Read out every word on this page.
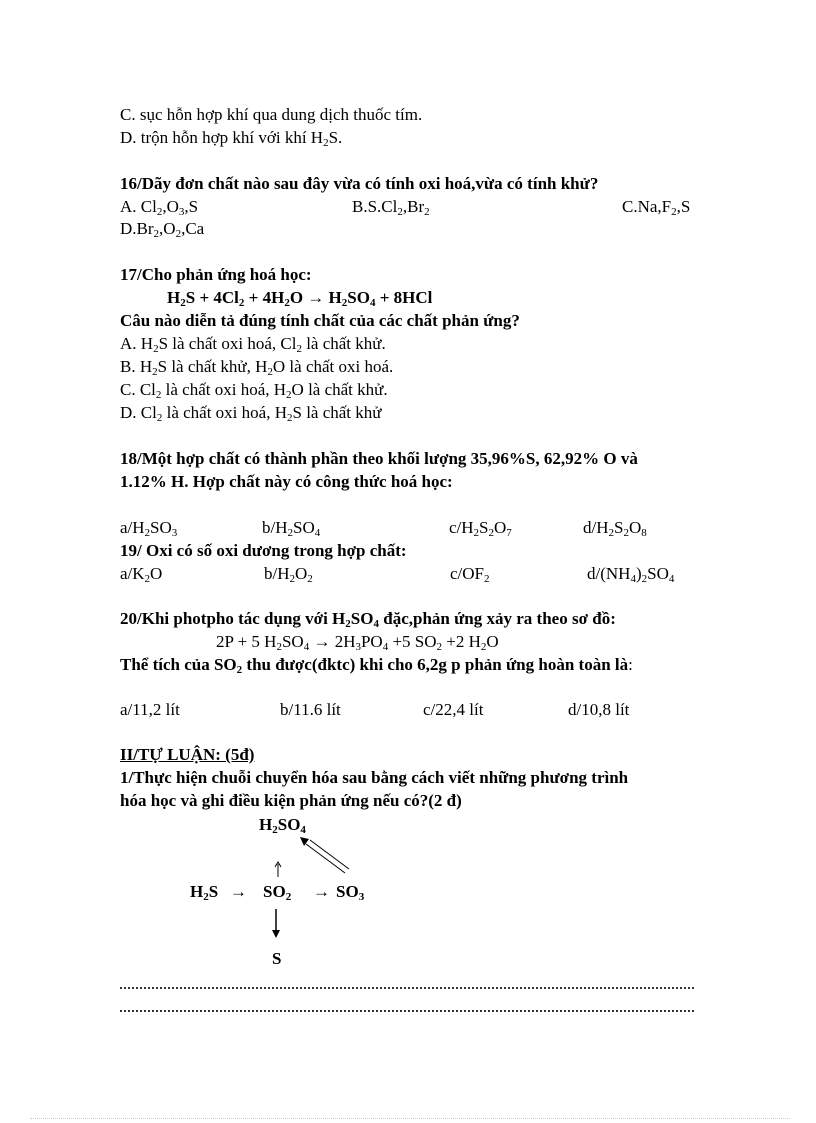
C. sục hỗn hợp khí qua dung dịch thuốc tím.
D. trộn hỗn hợp khí với khí $H_2S$.
16/Dãy đơn chất nào sau đây vừa có tính oxi hoá,vừa có tính khử?
A. $Cl_2,O_3,S$	$B.S.Cl_2,Br_2$	$C.Na,F_2,S$
$D.Br_2,O_2,Ca$
17/Cho phản ứng hoá học:
$H_2S + 4Cl_2 + 4H_2O \to H_2SO_4 + 8HCl$
Câu nào diễn tả đúng tính chất của các chất phản ứng?
A. $H_2S$ là chất oxi hoá, $Cl_2$ là chất khử.
B. $H_2S$ là chất khử, $H_2O$ là chất oxi hoá.
C. $Cl_2$ là chất oxi hoá, $H_2O$ là chất khử.
D. $Cl_2$ là chất oxi hoá, $H_2S$ là chất khử
18/Một hợp chất có thành phần theo khối lượng 35,96%S, 62,92% O và
1.12% H. Hợp chất này có công thức hoá học:
$a/H_2SO_3$	$b/H_2SO_4$	$c/H_2S_2O_7$	$d/H_2S_2O_8$
19/ Oxi có số oxi dương trong hợp chất:
$a/K_2O$	$b/H_2O_2$	$c/OF_2$	$d/(NH_4)_2SO_4$
20/Khi photpho tác dụng với $H_2SO_4$ đặc,phản ứng xảy ra theo sơ đồ:
2P + 5 $H_2SO_4 \to 2H_3PO_4 +5$ $SO_2 +2$ $H_2O$
Thể tích của $SO_2$ thu được(đktc) khi cho 6,2g p phản ứng hoàn toàn là:
a/11,2 lít	b/11.6 lít	c/22,4 lít	d/10,8 lít
II/TỰ LUẬN: (5đ)
1/Thực hiện chuỗi chuyển hóa sau bằng cách viết những phương trình
hóa học và ghi điều kiện phản ứng nếu có?(2 đ)
$H_2SO_4$
$H_2S \to SO_2 \to SO_3$
S
